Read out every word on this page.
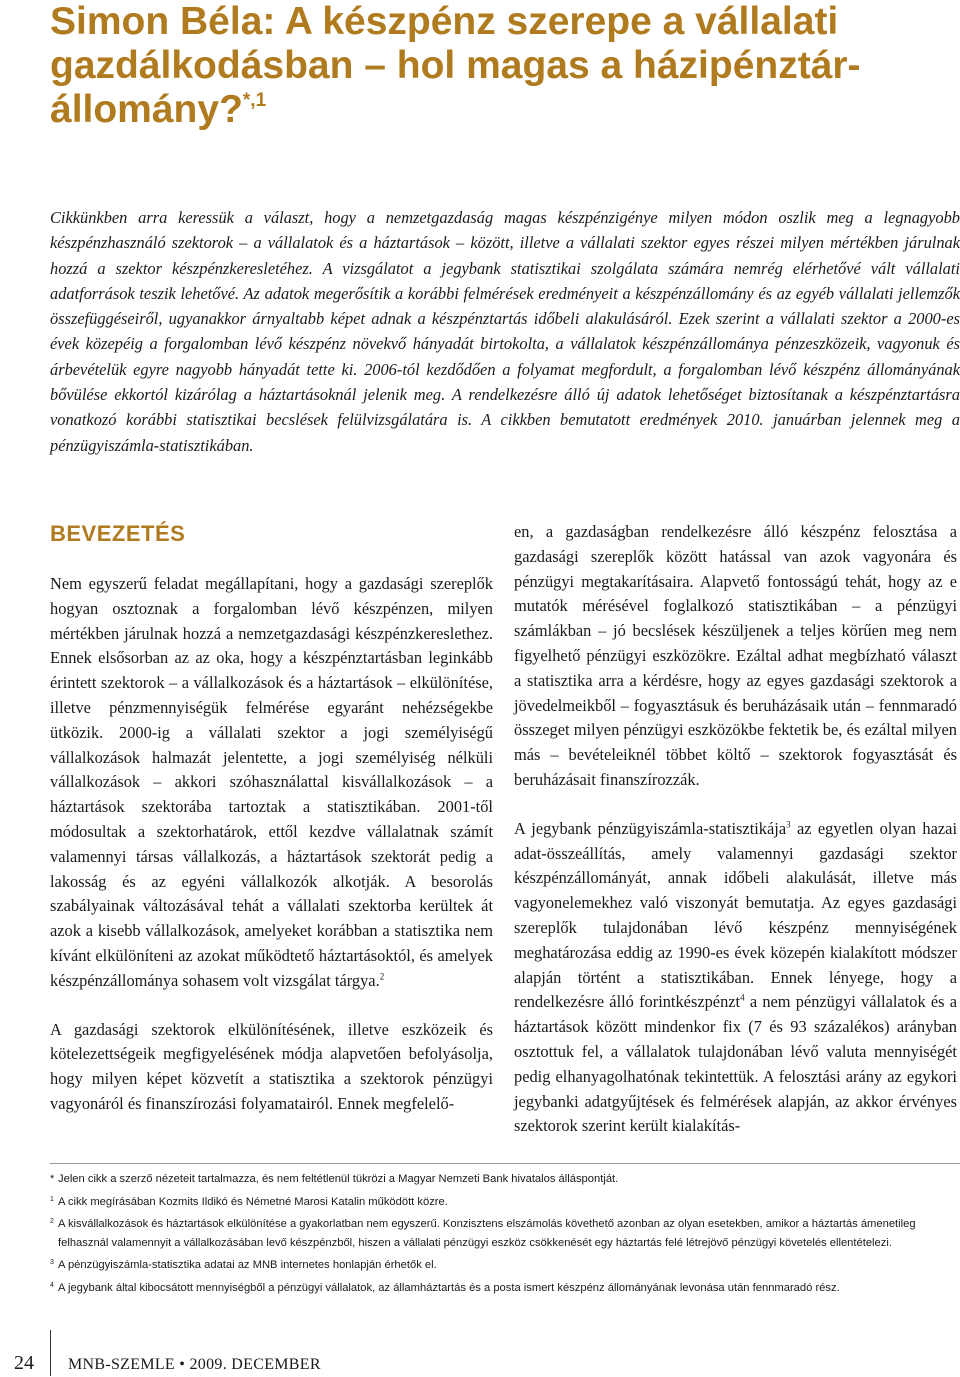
Simon Béla: A készpénz szerepe a vállalati gazdálkodásban – hol magas a házipénztár-állomány?$^{*,1}$

Cikkünkben arra keressük a választ, hogy a nemzetgazdaság magas készpénzigénye milyen módon oszlik meg a legnagyobb készpénzhasználó szektorok – a vállalatok és a háztartások – között, illetve a vállalati szektor egyes részei milyen mértékben járulnak hozzá a szektor készpénzkeresletéhez. A vizsgálatot a jegybank statisztikai szolgálata számára nemrég elérhetővé vált vállalati adatforrások teszik lehetővé. Az adatok megerősítik a korábbi felmérések eredményeit a készpénzállomány és az egyéb vállalati jellemzők összefüggéseiről, ugyanakkor árnyaltabb képet adnak a készpénztartás időbeli alakulásáról. Ezek szerint a vállalati szektor a 2000-es évek közepéig a forgalomban lévő készpénz növekvő hányadát birtokolta, a vállalatok készpénzállománya pénzeszközeik, vagyonuk és árbevételük egyre nagyobb hányadát tette ki. 2006-tól kezdődően a folyamat megfordult, a forgalomban lévő készpénz állományának bővülése ekkortól kizárólag a háztartásoknál jelenik meg. A rendelkezésre álló új adatok lehetőséget biztosítanak a készpénztartásra vonatkozó korábbi statisztikai becslések felülvizsgálatára is. A cikkben bemutatott eredmények 2010. januárban jelennek meg a pénzügyiszámla-statisztikában.

BEVEZETÉS

Nem egyszerű feladat megállapítani, hogy a gazdasági szereplők hogyan osztoznak a forgalomban lévő készpénzen, milyen mértékben járulnak hozzá a nemzetgazdasági készpénzkereslethez. Ennek elsősorban az az oka, hogy a készpénztartásban leginkább érintett szektorok – a vállalkozások és a háztartások – elkülönítése, illetve pénzmennyiségük felmérése egyaránt nehézségekbe ütközik. 2000-ig a vállalati szektor a jogi személyiségű vállalkozások halmazát jelentette, a jogi személyiség nélküli vállalkozások – akkori szóhasználattal kisvállalkozások – a háztartások szektorába tartoztak a statisztikában. 2001-től módosultak a szektorhatárok, ettől kezdve vállalatnak számít valamennyi társas vállalkozás, a háztartások szektorát pedig a lakosság és az egyéni vállalkozók alkotják. A besorolás szabályainak változásával tehát a vállalati szektorba kerültek át azok a kisebb vállalkozások, amelyeket korábban a statisztika nem kívánt elkülöníteni az azokat működtető háztartásoktól, és amelyek készpénzállománya sohasem volt vizsgálat tárgya.$^2$

A gazdasági szektorok elkülönítésének, illetve eszközeik és kötelezettségeik megfigyelésének módja alapvetően befolyásolja, hogy milyen képet közvetít a statisztika a szektorok pénzügyi vagyonáról és finanszírozási folyamatairól. Ennek megfelelő-

en, a gazdaságban rendelkezésre álló készpénz felosztása a gazdasági szereplők között hatással van azok vagyonára és pénzügyi megtakarításaira. Alapvető fontosságú tehát, hogy az e mutatók mérésével foglalkozó statisztikában – a pénzügyi számlákban – jó becslések készüljenek a teljes körűen meg nem figyelhető pénzügyi eszközökre. Ezáltal adhat megbízható választ a statisztika arra a kérdésre, hogy az egyes gazdasági szektorok a jövedelmeikből – fogyasztásuk és beruházásaik után – fennmaradó összeget milyen pénzügyi eszközökbe fektetik be, és ezáltal milyen más – bevételeiknél többet költő – szektorok fogyasztását és beruházásait finanszírozzák.

A jegybank pénzügyiszámla-statisztikája$^3$ az egyetlen olyan hazai adat-összeállítás, amely valamennyi gazdasági szektor készpénzállományát, annak időbeli alakulását, illetve más vagyonelemekhez való viszonyát bemutatja. Az egyes gazdasági szereplők tulajdonában lévő készpénz mennyiségének meghatározása eddig az 1990-es évek közepén kialakított módszer alapján történt a statisztikában. Ennek lényege, hogy a rendelkezésre álló forintkészpénzt$^4$ a nem pénzügyi vállalatok és a háztartások között mindenkor fix (7 és 93 százalékos) arányban osztottuk fel, a vállalatok tulajdonában lévő valuta mennyiségét pedig elhanyagolhatónak tekintettük. A felosztási arány az egykori jegybanki adatgyűjtések és felmérések alapján, az akkor érvényes szektorok szerint került kialakítás-

* Jelen cikk a szerző nézeteit tartalmazza, és nem feltétlenül tükrözi a Magyar Nemzeti Bank hivatalos álláspontját.
1 A cikk megírásában Kozmits Ildikó és Németné Marosi Katalin működött közre.
2 A kisvállalkozások és háztartások elkülönítése a gyakorlatban nem egyszerű. Konzisztens elszámolás követhető azonban az olyan esetekben, amikor a háztartás ámenetileg felhasznál valamennyit a vállalkozásában levő készpénzből, hiszen a vállalati pénzügyi eszköz csökkenését egy háztartás felé létrejövő pénzügyi követelés ellentételezi.
3 A pénzügyiszámla-statisztika adatai az MNB internetes honlapján érhetők el.
4 A jegybank által kibocsátott mennyiségből a pénzügyi vállalatok, az államháztartás és a posta ismert készpénz állományának levonása után fennmaradó rész.
24 MNB-SZEMLE • 2009. DECEMBER
